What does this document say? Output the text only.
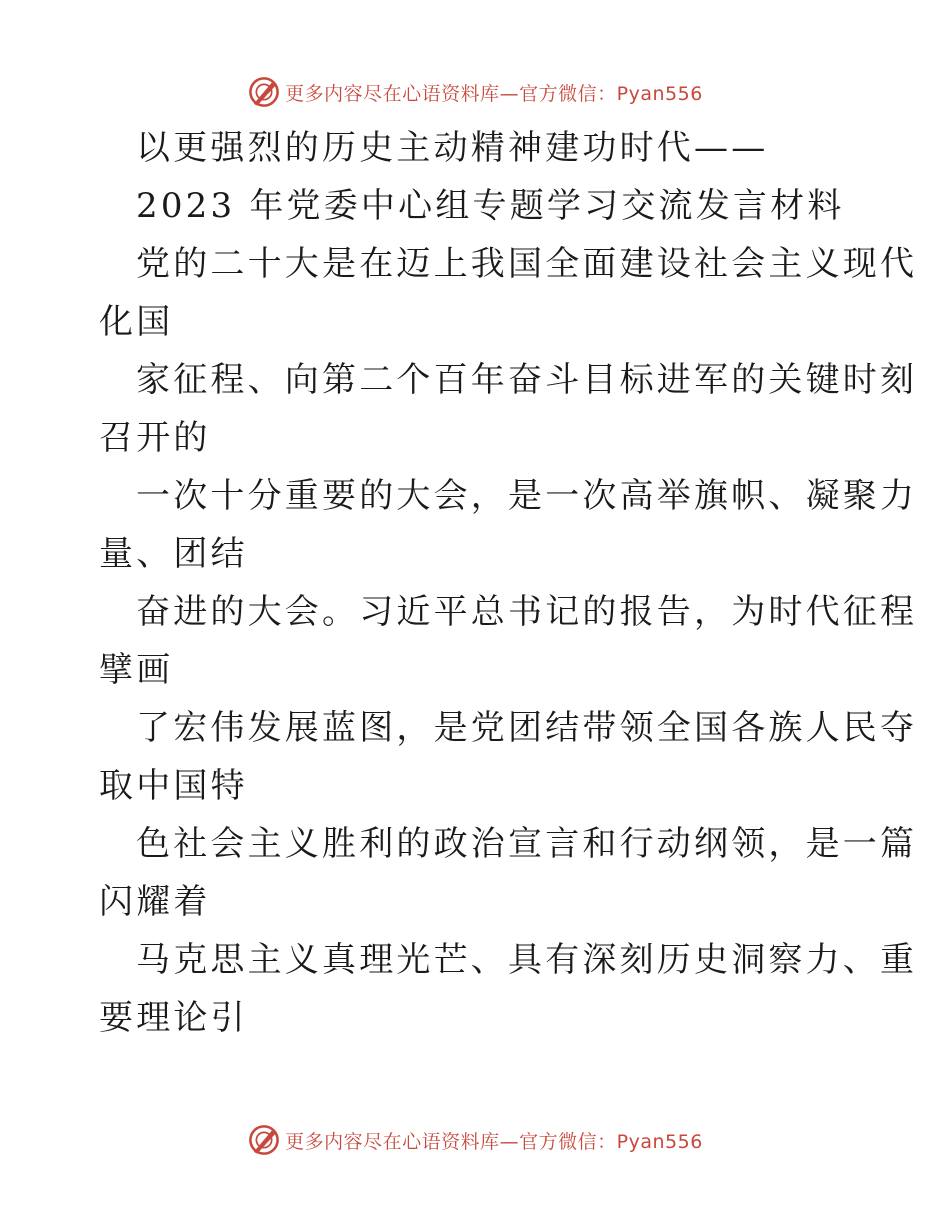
更多内容尽在心语资料库—官方微信：Pyan556
以更强烈的历史主动精神建功时代——
2023 年党委中心组专题学习交流发言材料
党的二十大是在迈上我国全面建设社会主义现代
化国
家征程、向第二个百年奋斗目标进军的关键时刻
召开的
一次十分重要的大会，是一次高举旗帜、凝聚力
量、团结
奋进的大会。习近平总书记的报告，为时代征程
擘画
了宏伟发展蓝图，是党团结带领全国各族人民夺
取中国特
色社会主义胜利的政治宣言和行动纲领，是一篇
闪耀着
马克思主义真理光芒、具有深刻历史洞察力、重
要理论引
更多内容尽在心语资料库—官方微信：Pyan556
